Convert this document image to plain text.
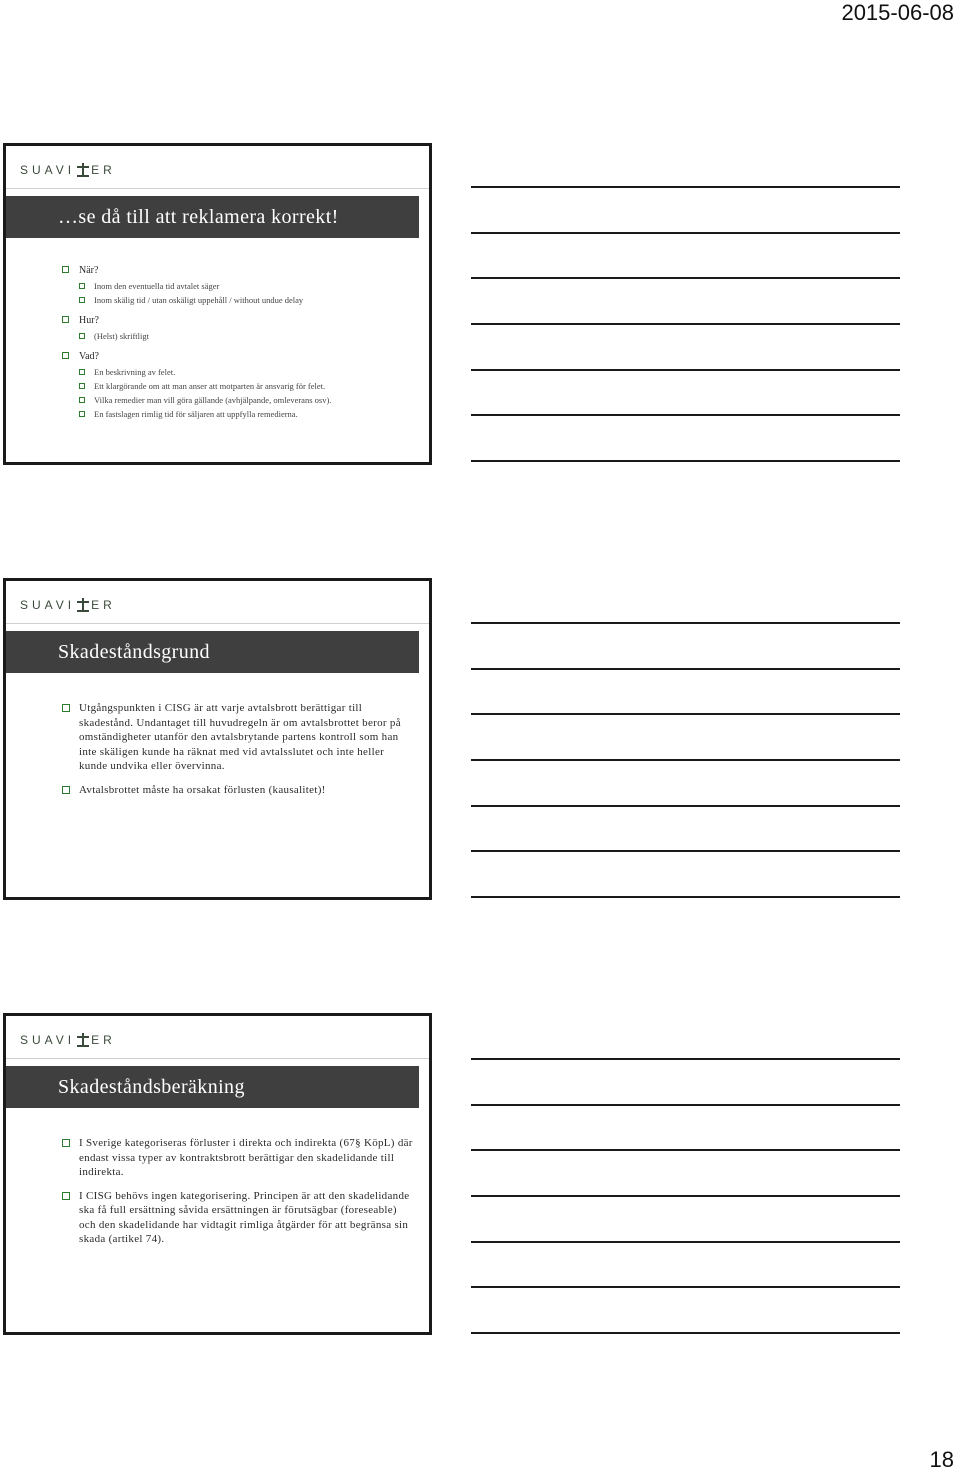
2015-06-08
SUAVI ER
…se då till att reklamera korrekt!
När?
Inom den eventuella tid avtalet säger
Inom skälig tid / utan oskäligt uppehåll / without undue delay
Hur?
(Helst) skriftligt
Vad?
En beskrivning av felet.
Ett klargörande om att man anser att motparten är ansvarig för felet.
Vilka remedier man vill göra gällande (avhjälpande, omleverans osv).
En fastslagen rimlig tid för säljaren att uppfylla remedierna.
SUAVI ER
Skadeståndsgrund
Utgångspunkten i CISG är att varje avtalsbrott berättigar till skadestånd. Undantaget till huvudregeln är om avtalsbrottet beror på omständigheter utanför den avtalsbrytande partens kontroll som han inte skäligen kunde ha räknat med vid avtalsslutet och inte heller kunde undvika eller övervinna.
Avtalsbrottet måste ha orsakat förlusten (kausalitet)!
SUAVI ER
Skadeståndsberäkning
I Sverige kategoriseras förluster i direkta och indirekta (67§ KöpL) där endast vissa typer av kontraktsbrott berättigar den skadelidande till indirekta.
I CISG behövs ingen kategorisering. Principen är att den skadelidande ska få full ersättning såvida ersättningen är förutsägbar (foreseable) och den skadelidande har vidtagit rimliga åtgärder för att begränsa sin skada (artikel 74).
18
